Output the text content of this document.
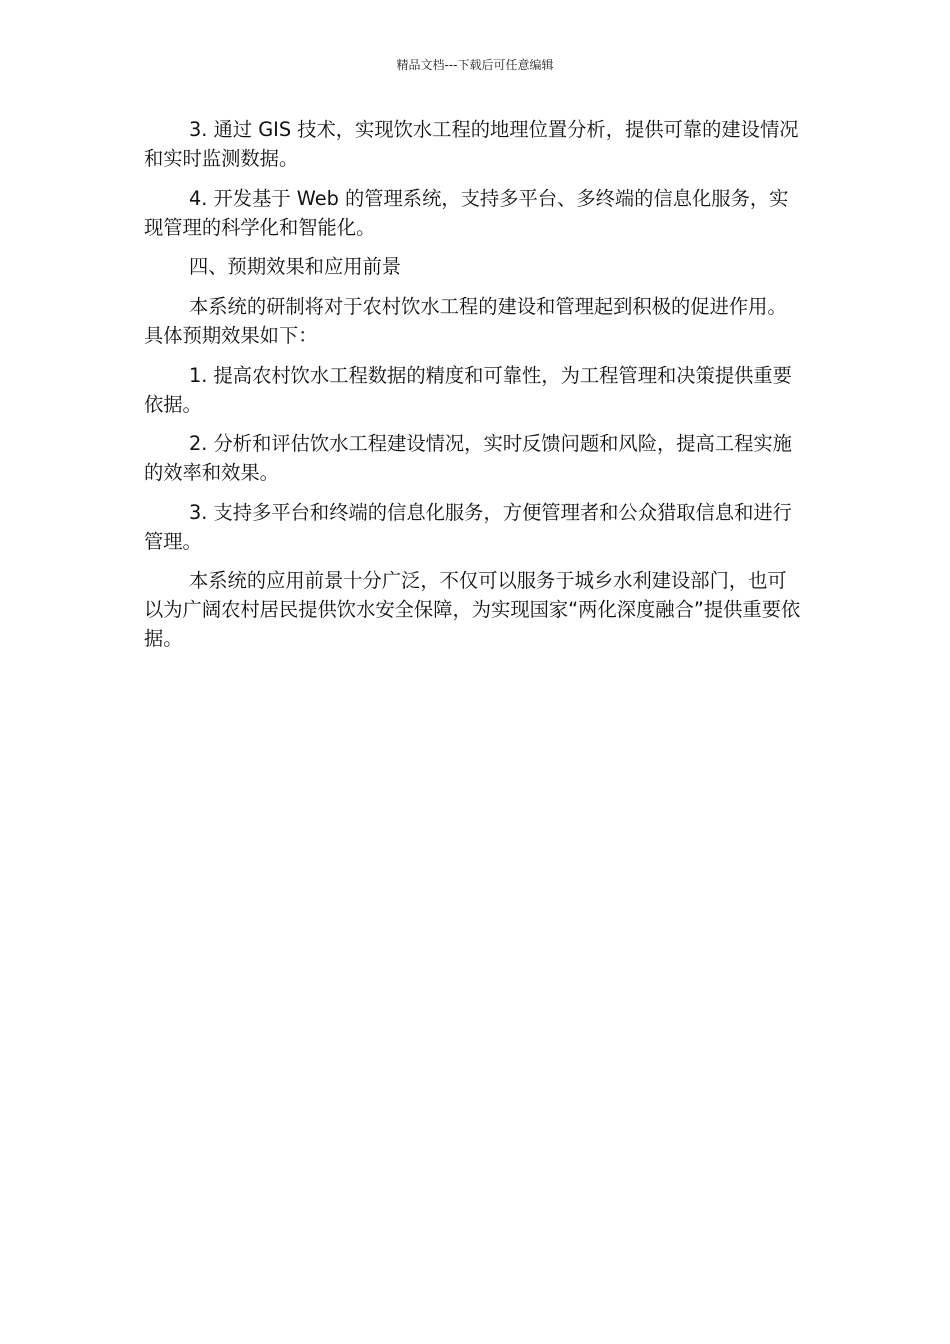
精品文档---下载后可任意编辑

3. 通过 GIS 技术，实现饮水工程的地理位置分析，提供可靠的建设情况和实时监测数据。

4. 开发基于 Web 的管理系统，支持多平台、多终端的信息化服务，实现管理的科学化和智能化。

四、预期效果和应用前景

本系统的研制将对于农村饮水工程的建设和管理起到积极的促进作用。具体预期效果如下：

1. 提高农村饮水工程数据的精度和可靠性，为工程管理和决策提供重要依据。

2. 分析和评估饮水工程建设情况，实时反馈问题和风险，提高工程实施的效率和效果。

3. 支持多平台和终端的信息化服务，方便管理者和公众猎取信息和进行管理。

本系统的应用前景十分广泛，不仅可以服务于城乡水利建设部门，也可以为广阔农村居民提供饮水安全保障，为实现国家“两化深度融合”提供重要依据。
